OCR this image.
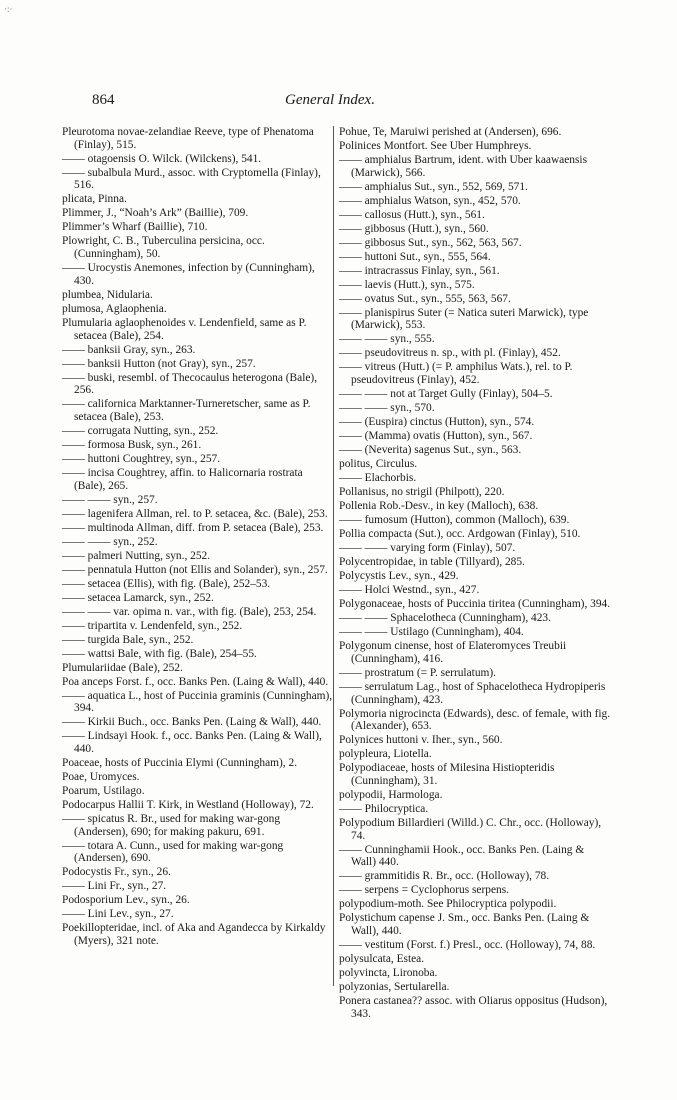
·:·
864	General Index.
Pleurotoma novae-zelandiae Reeve, type of Phenatoma (Finlay), 515.
—— otagoensis O. Wilck. (Wilckens), 541.
—— subalbula Murd., assoc. with Cryptomella (Finlay), 516.
plicata, Pinna.
Plimmer, J., “Noah’s Ark” (Baillie), 709.
Plimmer’s Wharf (Baillie), 710.
Plowright, C. B., Tuberculina persicina, occ. (Cunningham), 50.
—— Urocystis Anemones, infection by (Cunningham), 430.
plumbea, Nidularia.
plumosa, Aglaophenia.
Plumularia aglaophenoides v. Lendenfield, same as P. setacea (Bale), 254.
—— banksii Gray, syn., 263.
—— banksii Hutton (not Gray), syn., 257.
—— buski, resembl. of Thecocaulus heterogona (Bale), 256.
—— californica Marktanner-Turneretscher, same as P. setacea (Bale), 253.
—— corrugata Nutting, syn., 252.
—— formosa Busk, syn., 261.
—— huttoni Coughtrey, syn., 257.
—— incisa Coughtrey, affin. to Halicornaria rostrata (Bale), 265.
—— —— syn., 257.
—— lagenifera Allman, rel. to P. setacea, &c. (Bale), 253.
—— multinoda Allman, diff. from P. setacea (Bale), 253.
—— —— syn., 252.
—— palmeri Nutting, syn., 252.
—— pennatula Hutton (not Ellis and Solander), syn., 257.
—— setacea (Ellis), with fig. (Bale), 252–53.
—— setacea Lamarck, syn., 252.
—— —— var. opima n. var., with fig. (Bale), 253, 254.
—— tripartita v. Lendenfeld, syn., 252.
—— turgida Bale, syn., 252.
—— wattsi Bale, with fig. (Bale), 254–55.
Plumulariidae (Bale), 252.
Poa anceps Forst. f., occ. Banks Pen. (Laing & Wall), 440.
—— aquatica L., host of Puccinia graminis (Cunningham), 394.
—— Kirkii Buch., occ. Banks Pen. (Laing & Wall), 440.
—— Lindsayi Hook. f., occ. Banks Pen. (Laing & Wall), 440.
Poaceae, hosts of Puccinia Elymi (Cunningham), 2.
Poae, Uromyces.
Poarum, Ustilago.
Podocarpus Hallii T. Kirk, in Westland (Holloway), 72.
—— spicatus R. Br., used for making war-gong (Andersen), 690; for making pakuru, 691.
—— totara A. Cunn., used for making war-gong (Andersen), 690.
Podocystis Fr., syn., 26.
—— Lini Fr., syn., 27.
Podosporium Lev., syn., 26.
—— Lini Lev., syn., 27.
Poekillopteridae, incl. of Aka and Agandecca by Kirkaldy (Myers), 321 note.
Pohue, Te, Maruiwi perished at (Andersen), 696.
Polinices Montfort. See Uber Humphreys.
—— amphialus Bartrum, ident. with Uber kaawaensis (Marwick), 566.
—— amphialus Sut., syn., 552, 569, 571.
—— amphialus Watson, syn., 452, 570.
—— callosus (Hutt.), syn., 561.
—— gibbosus (Hutt.), syn., 560.
—— gibbosus Sut., syn., 562, 563, 567.
—— huttoni Sut., syn., 555, 564.
—— intracrassus Finlay, syn., 561.
—— laevis (Hutt.), syn., 575.
—— ovatus Sut., syn., 555, 563, 567.
—— planispirus Suter (= Natica suteri Marwick), type (Marwick), 553.
—— —— syn., 555.
—— pseudovitreus n. sp., with pl. (Finlay), 452.
—— vitreus (Hutt.) (= P. amphilus Wats.), rel. to P. pseudovitreus (Finlay), 452.
—— —— not at Target Gully (Finlay), 504–5.
—— —— syn., 570.
—— (Euspira) cinctus (Hutton), syn., 574.
—— (Mamma) ovatis (Hutton), syn., 567.
—— (Neverita) sagenus Sut., syn., 563.
politus, Circulus.
—— Elachorbis.
Pollanisus, no strigil (Philpott), 220.
Pollenia Rob.-Desv., in key (Malloch), 638.
—— fumosum (Hutton), common (Malloch), 639.
Pollia compacta (Sut.), occ. Ardgowan (Finlay), 510.
—— —— varying form (Finlay), 507.
Polycentropidae, in table (Tillyard), 285.
Polycystis Lev., syn., 429.
—— Holci Westnd., syn., 427.
Polygonaceae, hosts of Puccinia tiritea (Cunningham), 394.
—— —— Sphacelotheca (Cunningham), 423.
—— —— Ustilago (Cunningham), 404.
Polygonum cinense, host of Elateromyces Treubii (Cunningham), 416.
—— prostratum (= P. serrulatum).
—— serrulatum Lag., host of Sphacelotheca Hydropiperis (Cunningham), 423.
Polymoria nigrocincta (Edwards), desc. of female, with fig. (Alexander), 653.
Polynices huttoni v. Iher., syn., 560.
polypleura, Liotella.
Polypodiaceae, hosts of Milesina Histiopteridis (Cunningham), 31.
polypodii, Harmologa.
—— Philocryptica.
Polypodium Billardieri (Willd.) C. Chr., occ. (Holloway), 74.
—— Cunninghamii Hook., occ. Banks Pen. (Laing & Wall) 440.
—— grammitidis R. Br., occ. (Holloway), 78.
—— serpens = Cyclophorus serpens.
polypodium-moth. See Philocryptica polypodii.
Polystichum capense J. Sm., occ. Banks Pen. (Laing & Wall), 440.
—— vestitum (Forst. f.) Presl., occ. (Holloway), 74, 88.
polysulcata, Estea.
polyvincta, Lironoba.
polyzonias, Sertularella.
Ponera castanea?? assoc. with Oliarus oppositus (Hudson), 343.
